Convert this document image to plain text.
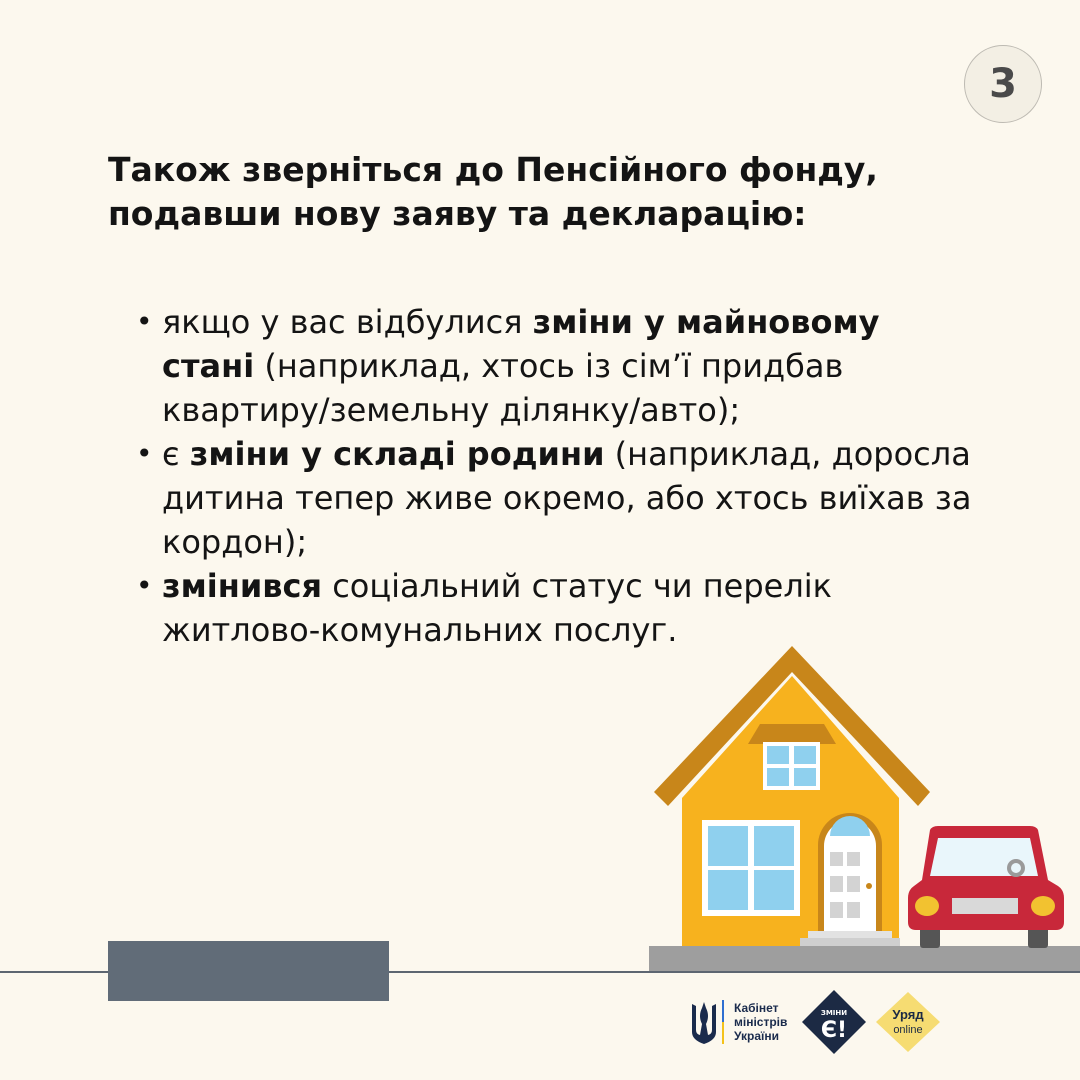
3
Також зверніться до Пенсійного фонду,
подавши нову заяву та декларацію:
• якщо у вас відбулися зміни у майновому стані (наприклад, хтось із сім’ї придбав квартиру/земельну ділянку/авто);
• є зміни у складі родини (наприклад, доросла дитина тепер живе окремо, або хтось виїхав за кордон);
• змінився соціальний статус чи перелік житлово-комунальних послуг.
Кабінет
міністрів
України
ЗМІНИ
Є!
Уряд
online
